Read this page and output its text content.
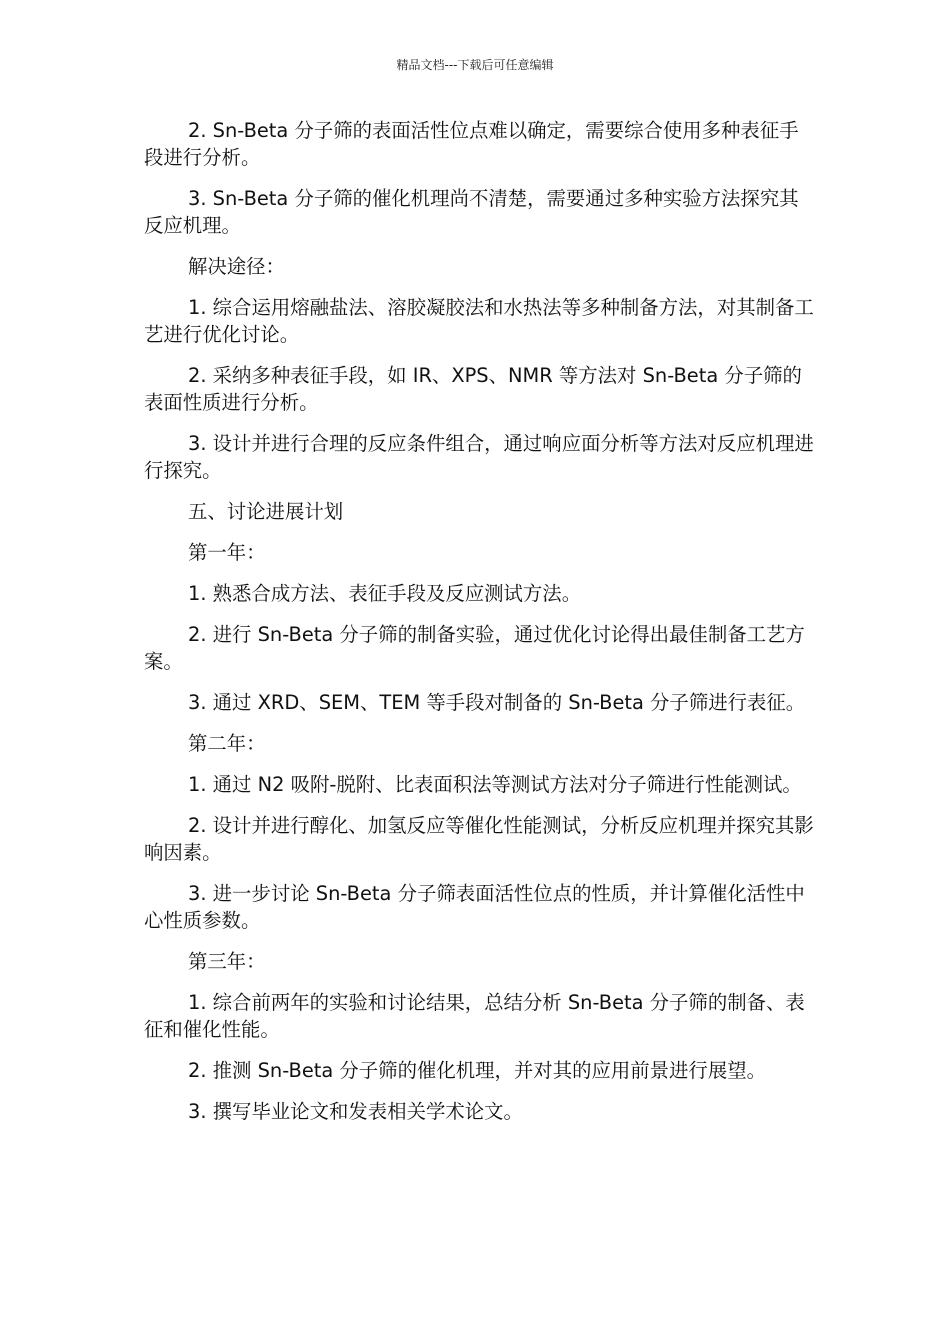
精品文档---下载后可任意编辑

2. Sn-Beta 分子筛的表面活性位点难以确定，需要综合使用多种表征手段进行分析。

3. Sn-Beta 分子筛的催化机理尚不清楚，需要通过多种实验方法探究其反应机理。

解决途径：

1. 综合运用熔融盐法、溶胶凝胶法和水热法等多种制备方法，对其制备工艺进行优化讨论。

2. 采纳多种表征手段，如 IR、XPS、NMR 等方法对 Sn-Beta 分子筛的表面性质进行分析。

3. 设计并进行合理的反应条件组合，通过响应面分析等方法对反应机理进行探究。

五、讨论进展计划

第一年：

1. 熟悉合成方法、表征手段及反应测试方法。

2. 进行 Sn-Beta 分子筛的制备实验，通过优化讨论得出最佳制备工艺方案。

3. 通过 XRD、SEM、TEM 等手段对制备的 Sn-Beta 分子筛进行表征。

第二年：

1. 通过 N2 吸附-脱附、比表面积法等测试方法对分子筛进行性能测试。

2. 设计并进行醇化、加氢反应等催化性能测试，分析反应机理并探究其影响因素。

3. 进一步讨论 Sn-Beta 分子筛表面活性位点的性质，并计算催化活性中心性质参数。

第三年：

1. 综合前两年的实验和讨论结果，总结分析 Sn-Beta 分子筛的制备、表征和催化性能。

2. 推测 Sn-Beta 分子筛的催化机理，并对其的应用前景进行展望。

3. 撰写毕业论文和发表相关学术论文。
